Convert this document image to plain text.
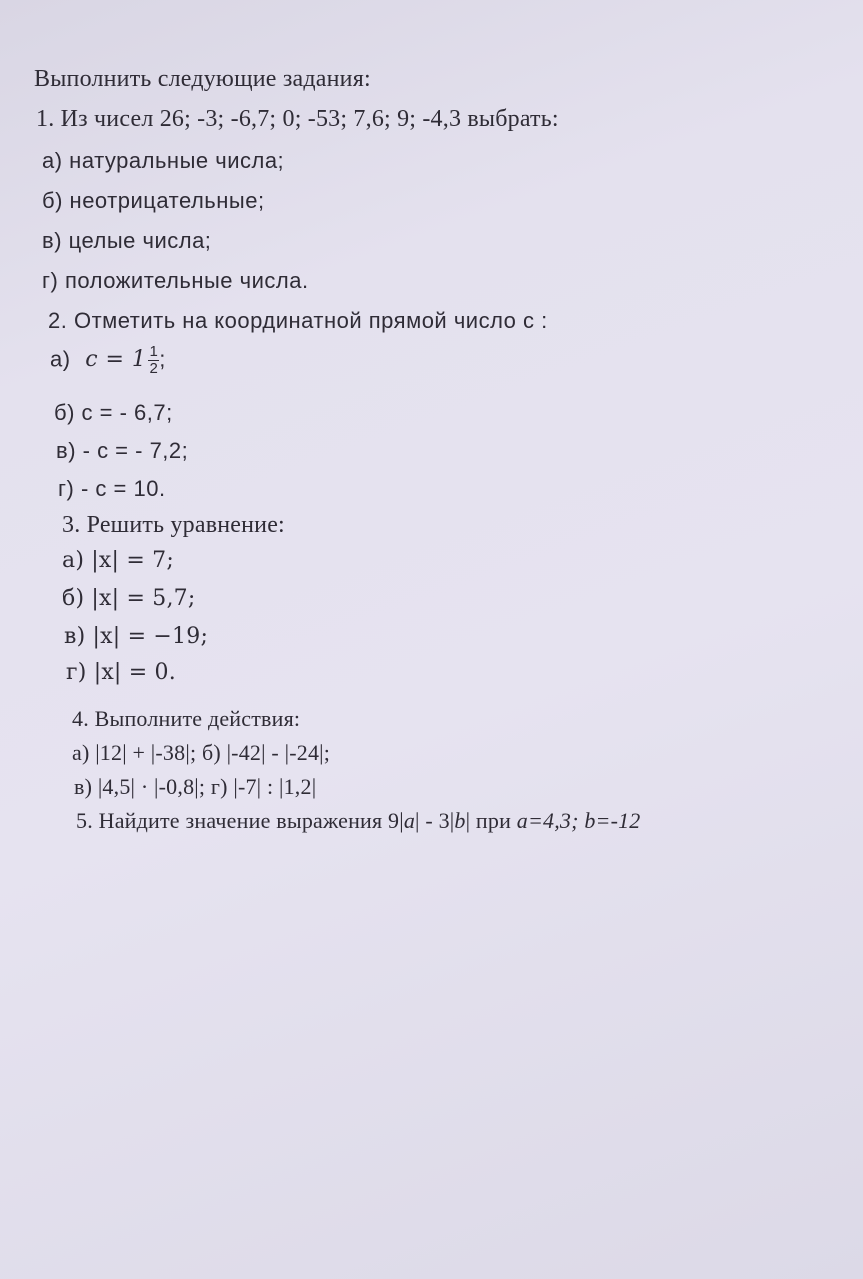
Выполнить следующие задания:
1. Из чисел 26; -3; -6,7; 0; -53; 7,6; 9; -4,3 выбрать:
а) натуральные числа;
б) неотрицательные;
в) целые числа;
г) положительные числа.
2. Отметить на координатной прямой число с :
а) $c = 1 \frac{1}{2}$ ;
б) с = - 6,7;
в) - с = - 7,2;
г) - с = 10.
3. Решить уравнение:
а) |x| = 7;
б) |x| = 5,7;
в) |x| = −19;
г) |x| = 0.
4. Выполните действия:
а) |12| + |-38|; б) |-42| - |-24|;
в) |4,5| · |-0,8|; г) |-7| : |1,2|
5. Найдите значение выражения 9|a| - 3|b| при a=4,3; b=-12
